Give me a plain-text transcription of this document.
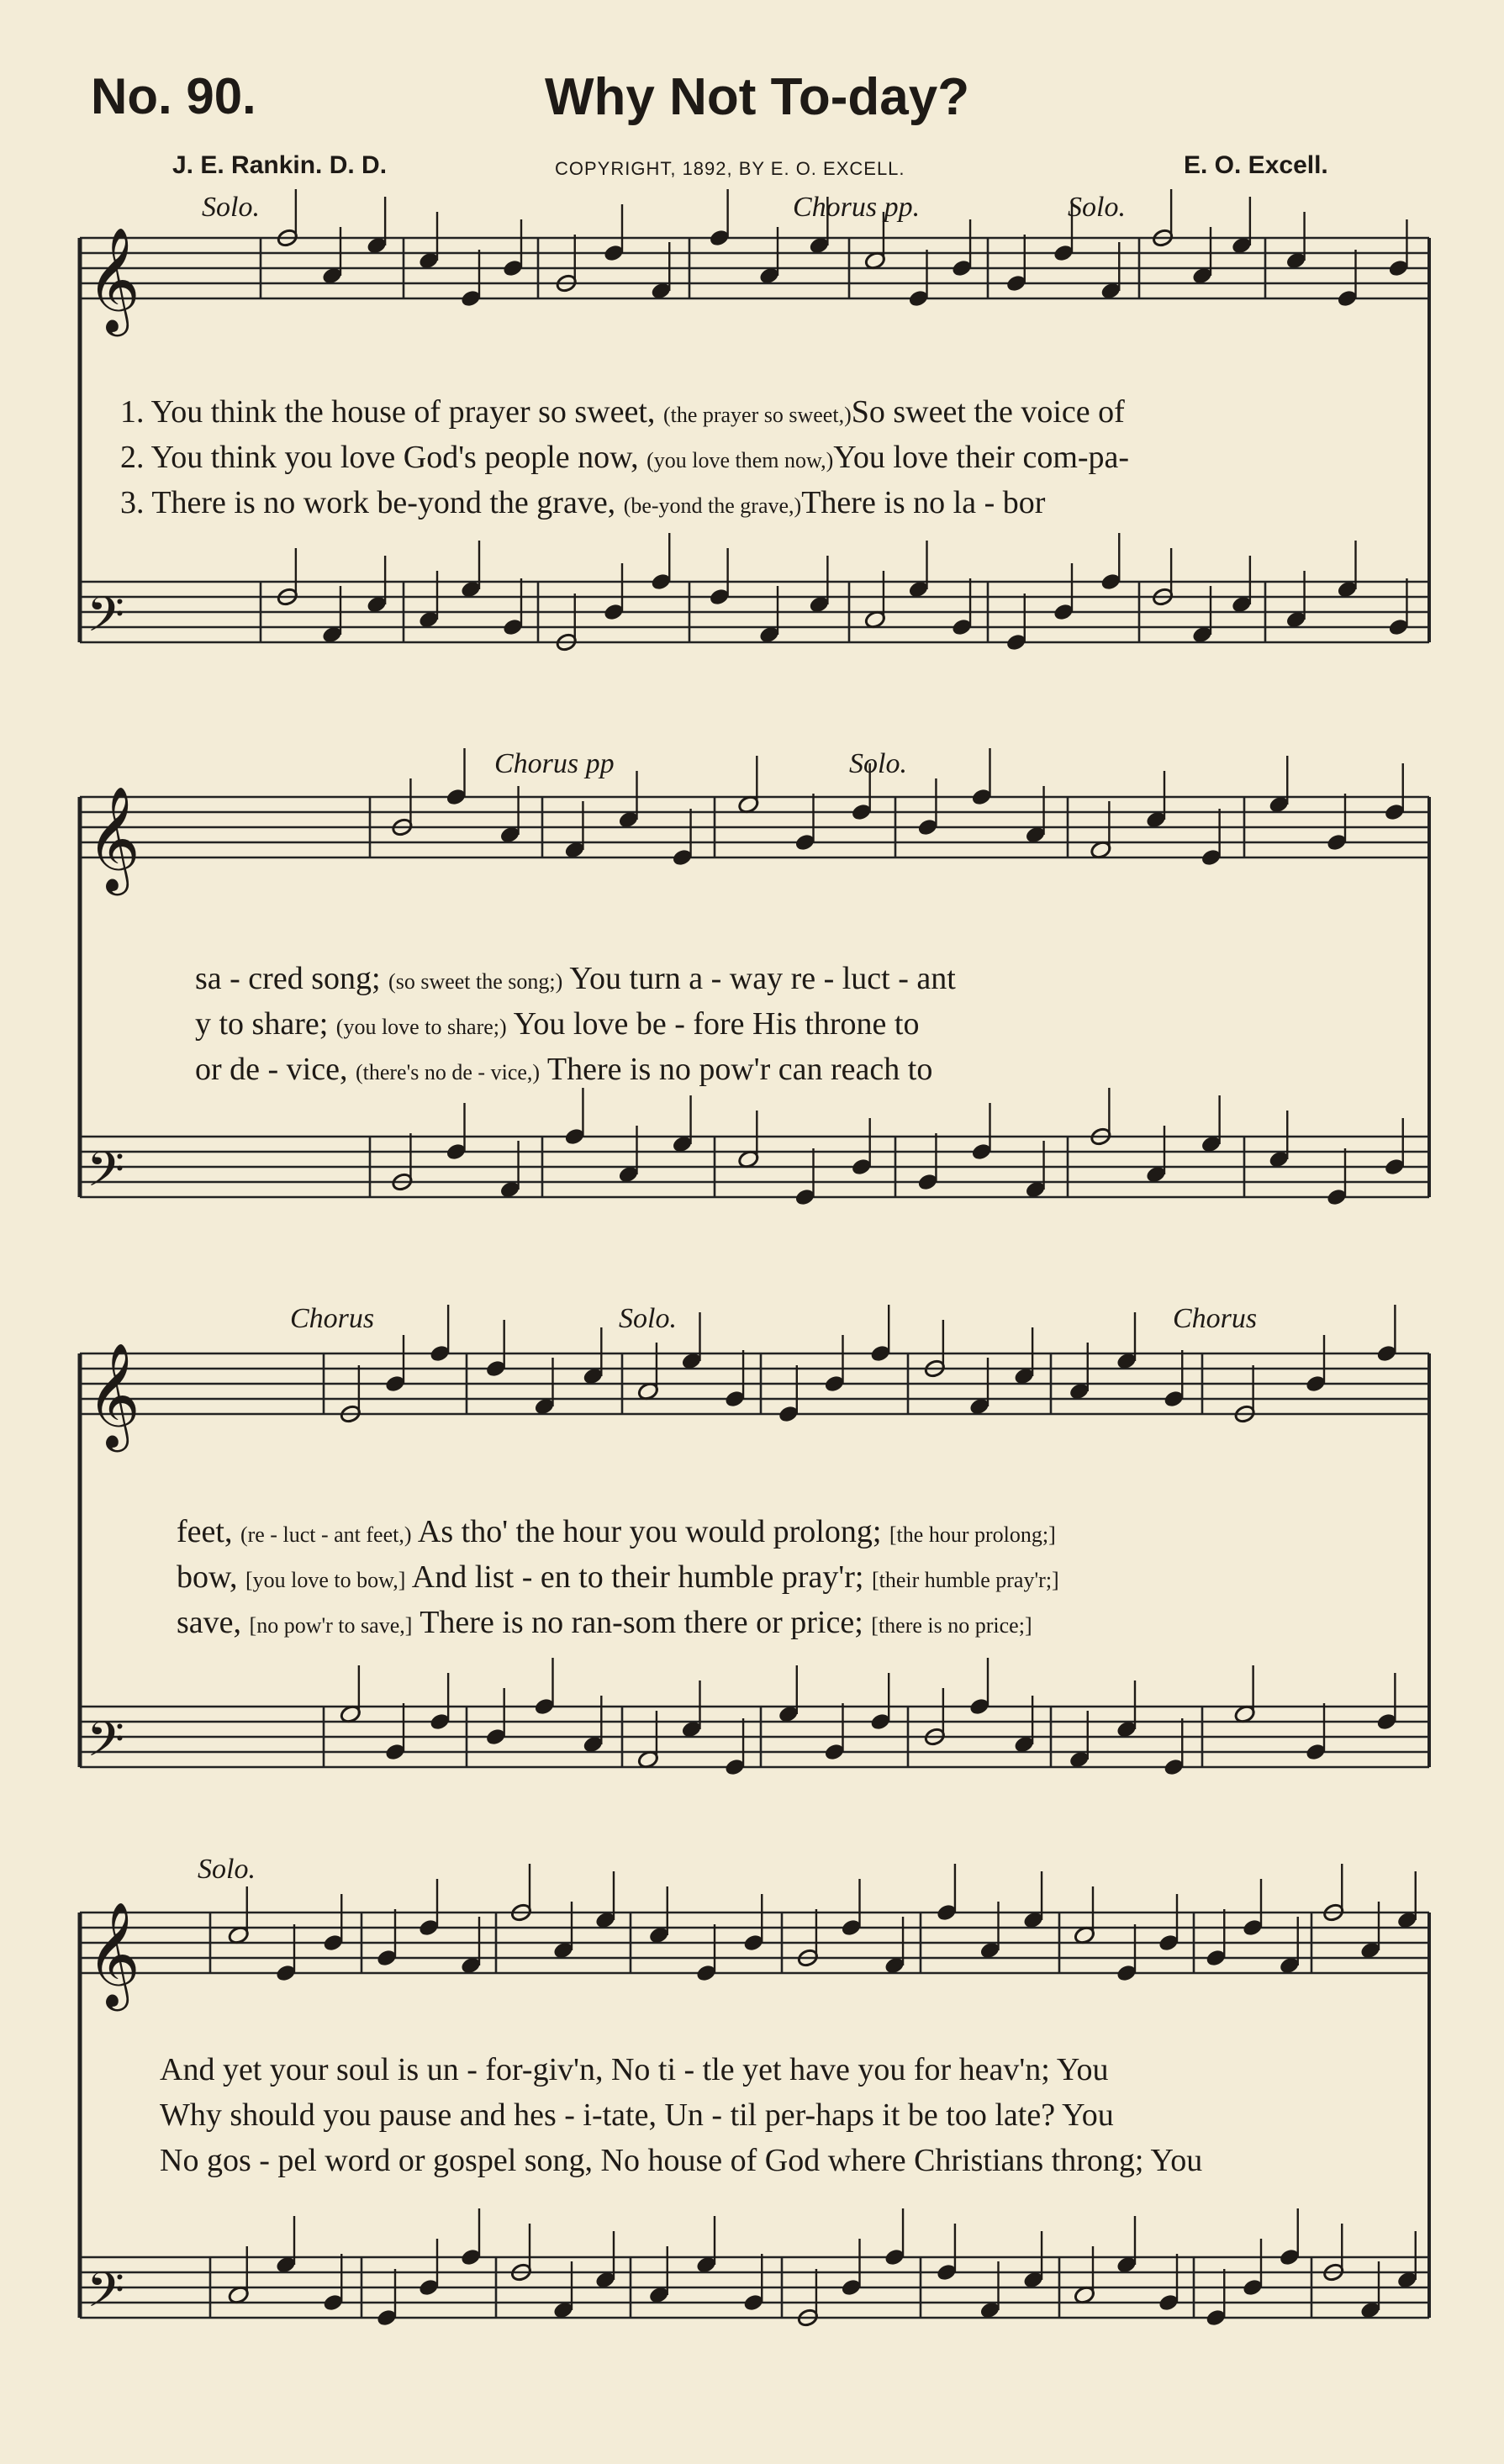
No. 90.	Why Not To-day?
J. E. Rankin. D. D.	COPYRIGHT, 1892, BY E. O. EXCELL.	E. O. Excell.
𝄞
𝄢
𝄞
𝄢
𝄞
𝄢
𝄞
𝄢
Solo.	Chorus pp.	Solo.
Chorus pp	Solo.
Chorus	Solo.	Chorus
Solo.
1. You think the house of prayer so sweet, (the prayer so sweet,)So sweet the voice of
2. You think you love God's people now, (you love them now,)You love their com-pa-
3. There is no work be-yond the grave, (be-yond the grave,)There is no la - bor
sa - cred song; (so sweet the song;) You turn a - way re - luct - ant
y to share; (you love to share;) You love be - fore His throne to
or de - vice, (there's no de - vice,) There is no pow'r can reach to
feet, (re - luct - ant feet,) As tho' the hour you would prolong; [the hour prolong;]
bow, [you love to bow,] And list - en to their humble pray'r; [their humble pray'r;]
save, [no pow'r to save,] There is no ran-som there or price; [there is no price;]
And yet your soul is un - for-giv'n, No ti - tle yet have you for heav'n; You
Why should you pause and hes - i-tate, Un - til per-haps it be too late? You
No gos - pel word or gospel song, No house of God where Christians throng; You
